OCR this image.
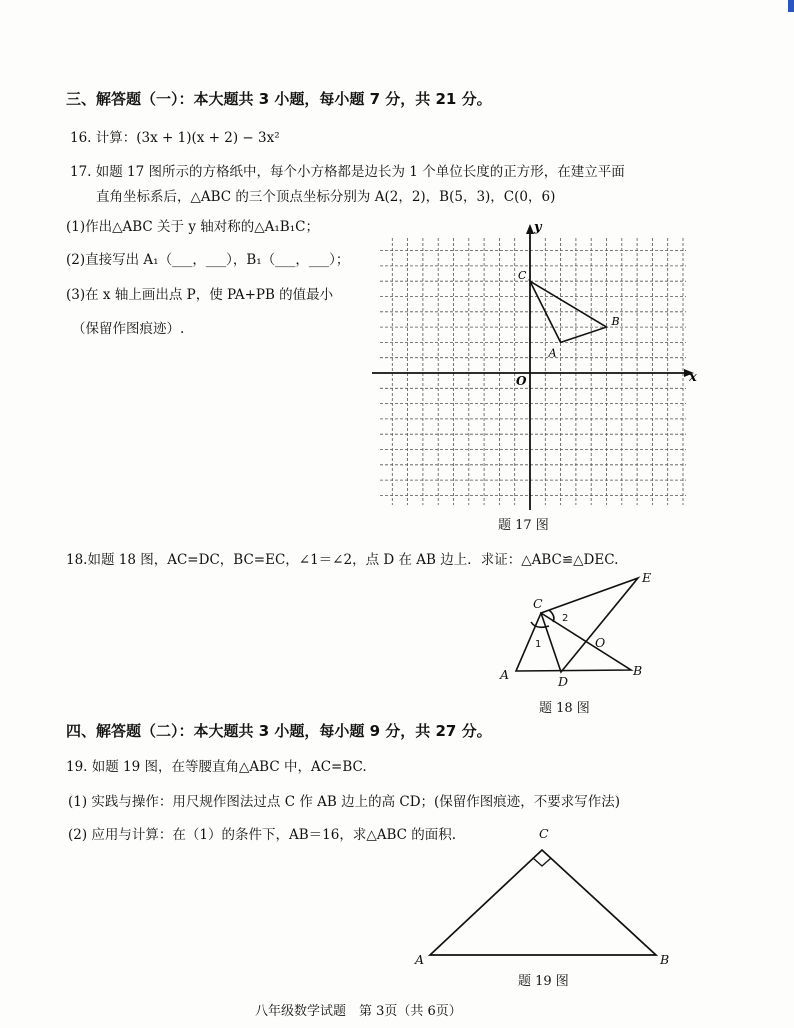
三、解答题（一）：本大题共 3 小题，每小题 7 分，共 21 分。
16. 计算：(3x + 1)(x + 2) − 3x²
17. 如题 17 图所示的方格纸中，每个小方格都是边长为 1 个单位长度的正方形，在建立平面
直角坐标系后，△ABC 的三个顶点坐标分别为 A(2，2)，B(5，3)，C(0，6)
(1)作出△ABC 关于 y 轴对称的△A₁B₁C；
(2)直接写出 A₁（___，___），B₁（___，___）；
(3)在 x 轴上画出点 P，使 PA+PB 的值最小
（保留作图痕迹）.
x
y
O
A
B
C
题 17 图
18.如题 18 图，AC=DC，BC=EC，∠1＝∠2，点 D 在 AB 边上．求证：△ABC≌△DEC.
A	B
C
D
E
O
1
2
题 18 图
四、解答题（二）：本大题共 3 小题，每小题 9 分，共 27 分。
19. 如题 19 图，在等腰直角△ABC 中，AC=BC.
(1) 实践与操作：用尺规作图法过点 C 作 AB 边上的高 CD；(保留作图痕迹，不要求写作法)
(2) 应用与计算：在（1）的条件下，AB＝16，求△ABC 的面积.
A	B
C
题 19 图
八年级数学试题　第 3页（共 6页）
